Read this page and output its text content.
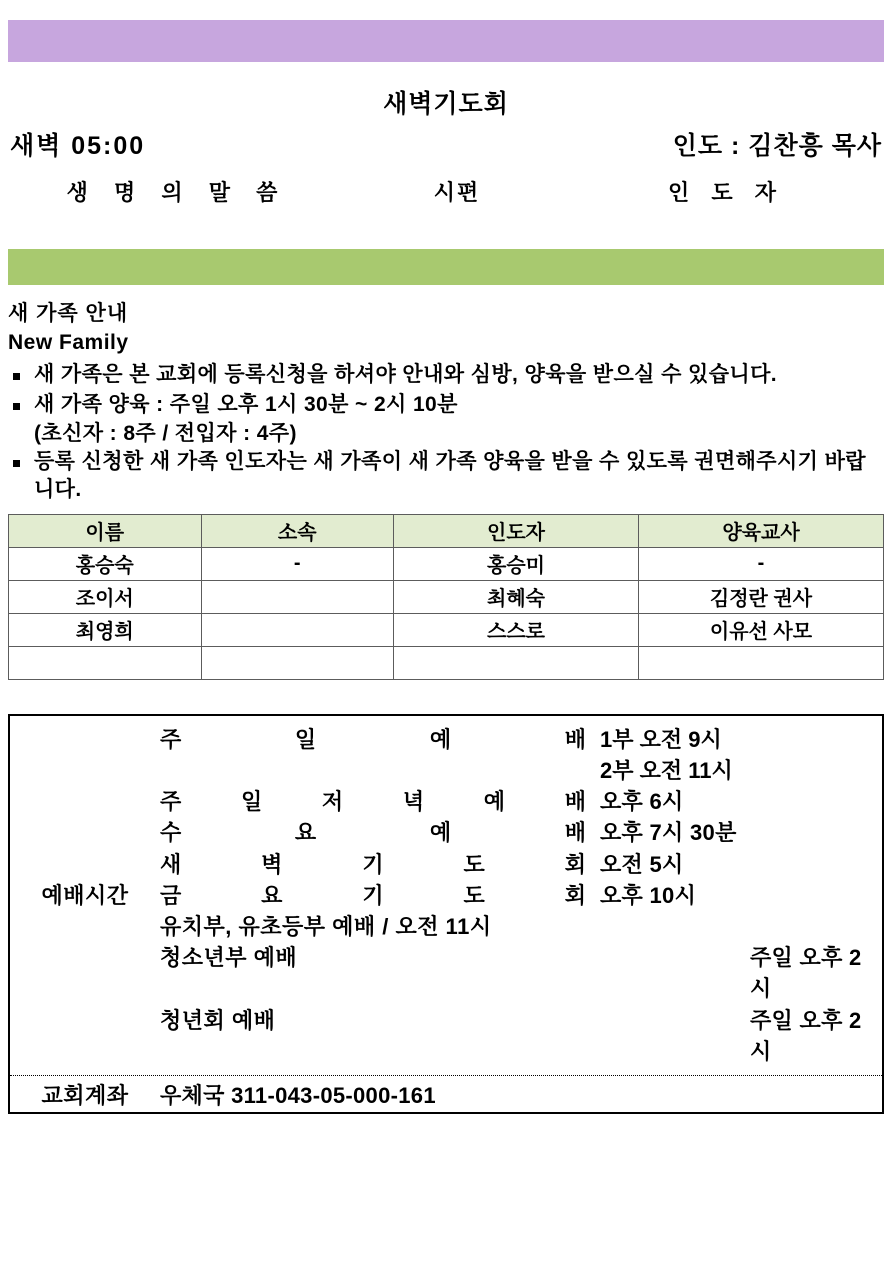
새벽기도회
새벽 05:00	인도 : 김찬흥 목사
생 명 의 말 씀	시편	인 도 자
새 가족 안내
New Family
새 가족은 본 교회에 등록신청을 하셔야 안내와 심방, 양육을 받으실 수 있습니다.
새 가족 양육 : 주일 오후 1시 30분 ~ 2시 10분
(초신자 : 8주 / 전입자 : 4주)
등록 신청한 새 가족 인도자는 새 가족이 새 가족 양육을 받을 수 있도록 권면해주시기 바랍니다.
이름	소속	인도자	양육교사
홍승숙	-	홍승미	-
조이서		최혜숙	김정란 권사
최영희		스스로	이유선 사모

예배시간
주	일	예	배 1부 오전 9시
2부 오전 11시
주	일	저	녁	예	배 오후 6시
수	요	예	배 오후 7시 30분
새	벽	기	도	회 오전 5시
금	요	기	도	회 오후 10시
유치부, 유초등부 예배 / 오전 11시
청소년부 예배	주일 오후 2시
청년회 예배	주일 오후 2시
교회계좌	우체국 311-043-05-000-161
